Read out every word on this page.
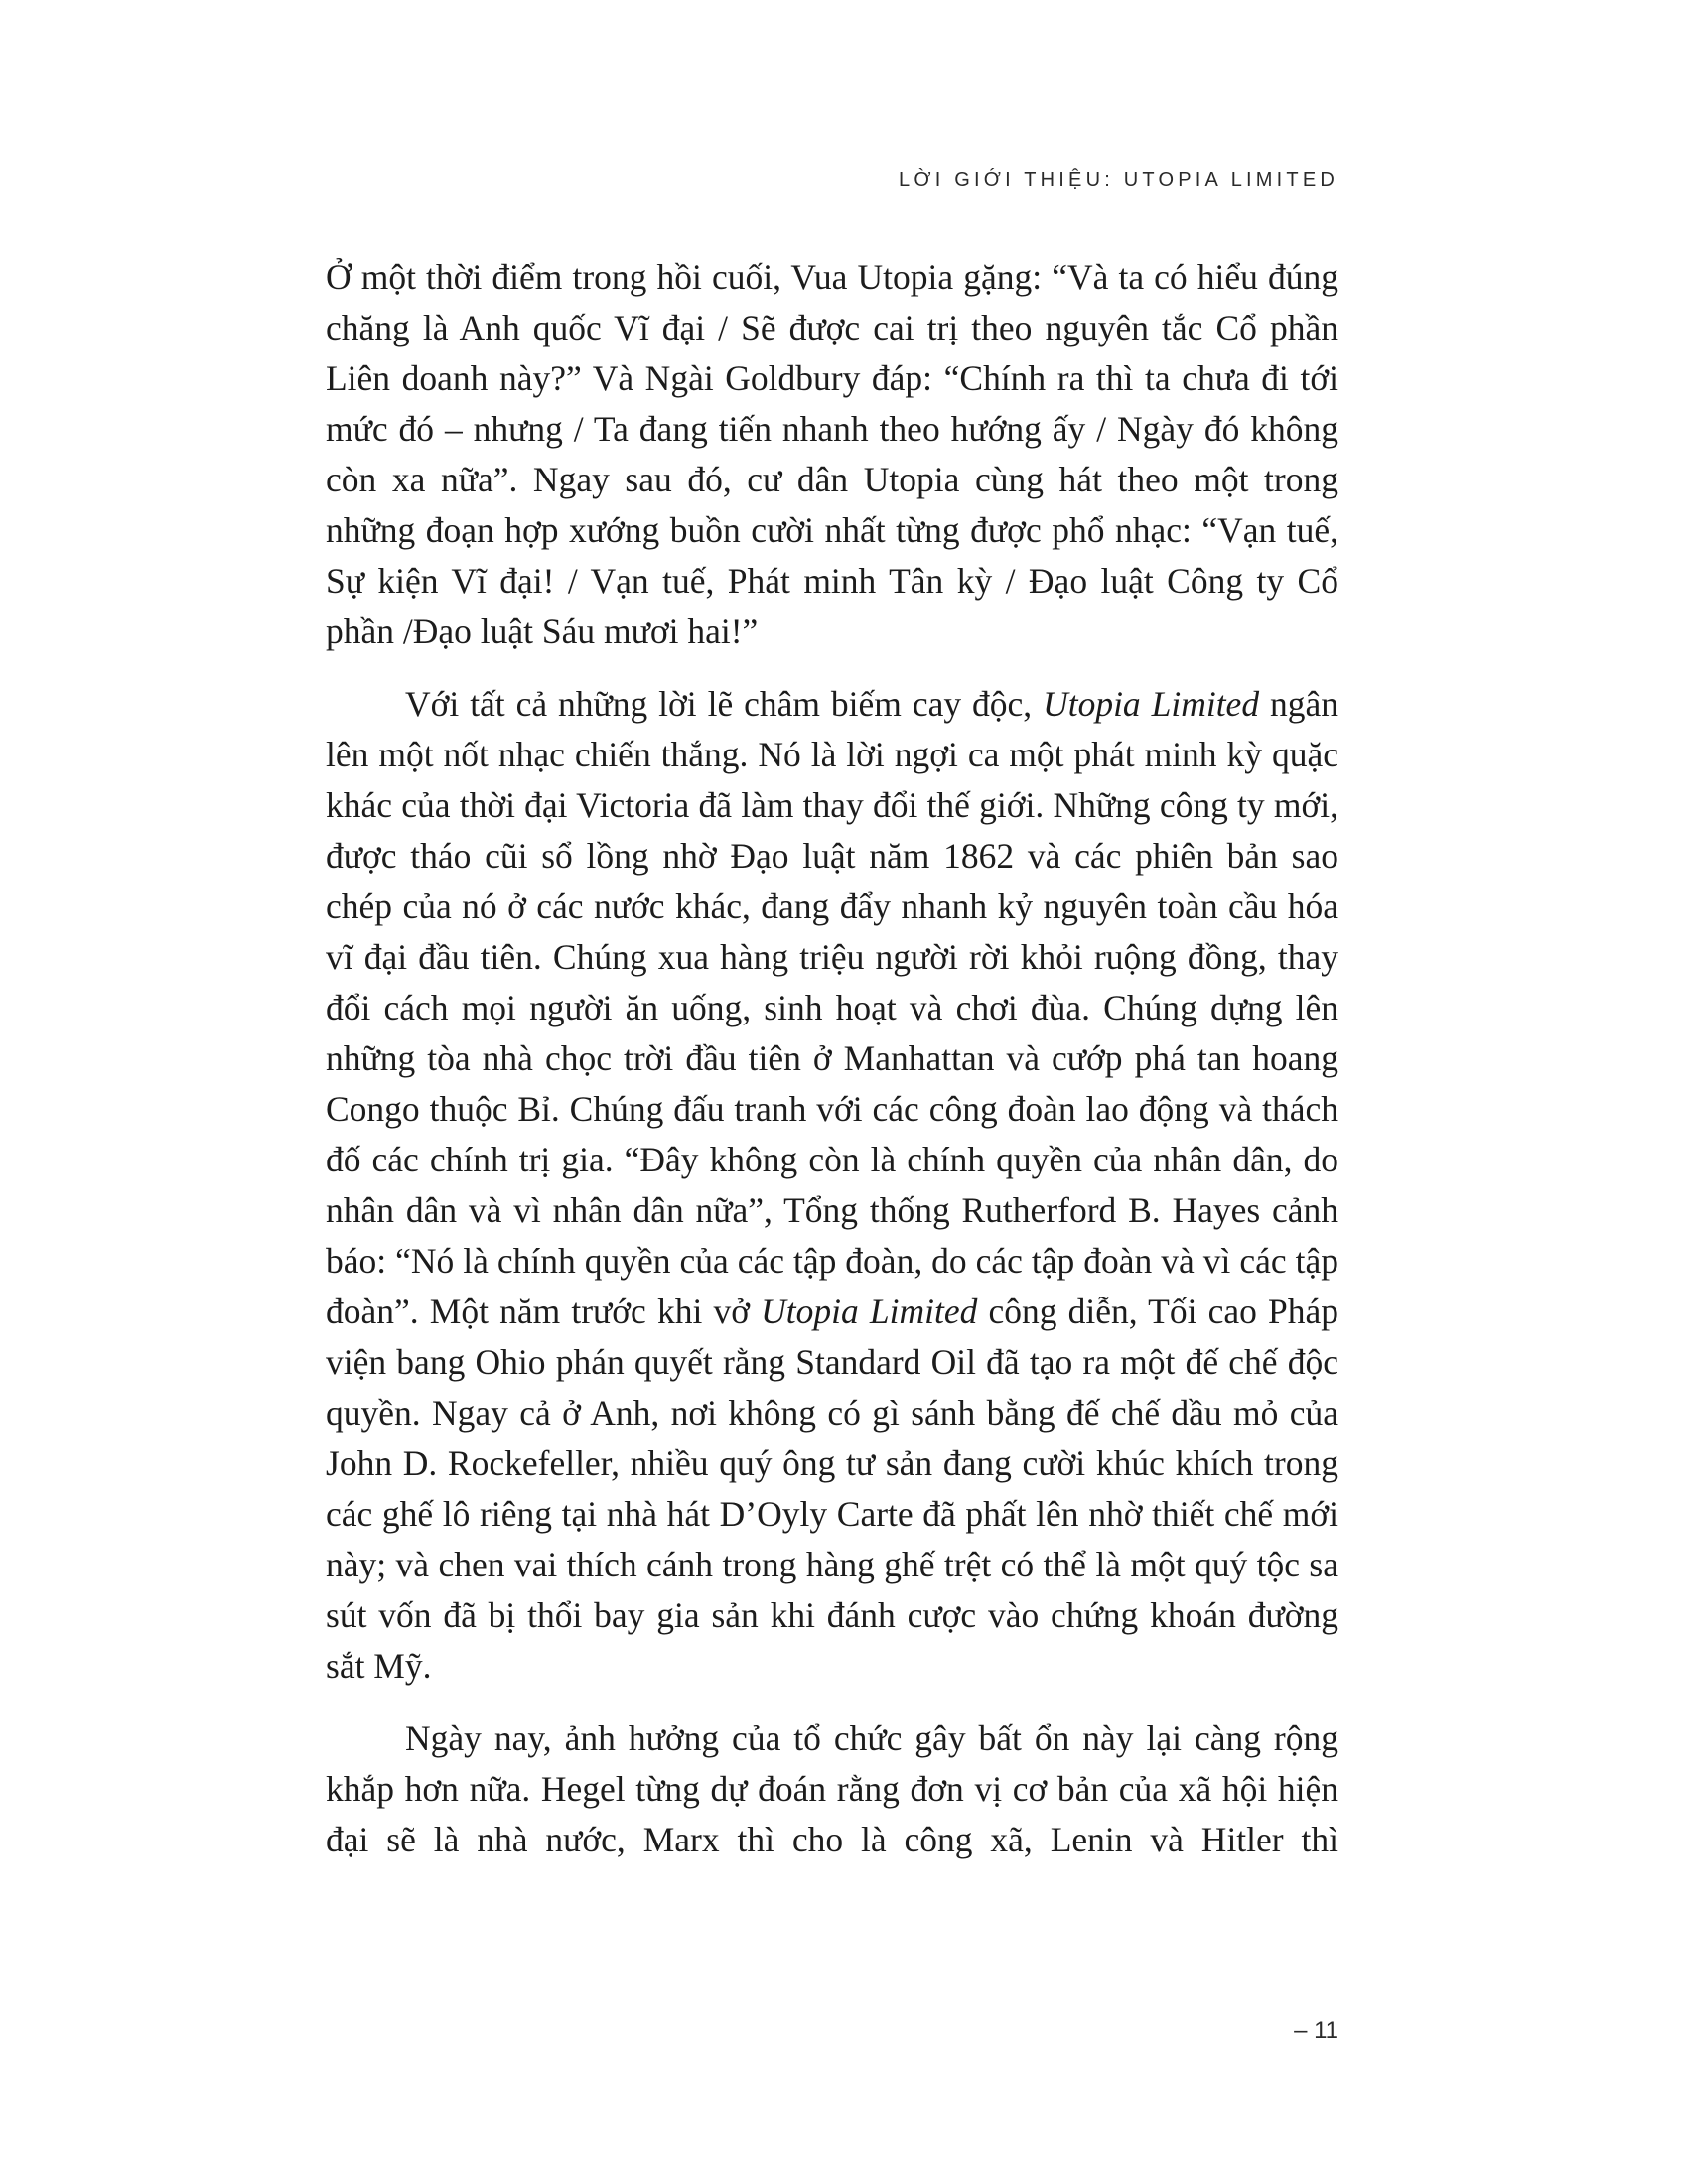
LỜI GIỚI THIỆU: UTOPIA LIMITED

Ở một thời điểm trong hồi cuối, Vua Utopia gặng: “Và ta có hiểu đúng chăng là Anh quốc Vĩ đại / Sẽ được cai trị theo nguyên tắc Cổ phần Liên doanh này?” Và Ngài Goldbury đáp: “Chính ra thì ta chưa đi tới mức đó – nhưng / Ta đang tiến nhanh theo hướng ấy / Ngày đó không còn xa nữa”. Ngay sau đó, cư dân Utopia cùng hát theo một trong những đoạn hợp xướng buồn cười nhất từng được phổ nhạc: “Vạn tuế, Sự kiện Vĩ đại! / Vạn tuế, Phát minh Tân kỳ / Đạo luật Công ty Cổ phần /Đạo luật Sáu mươi hai!”

Với tất cả những lời lẽ châm biếm cay độc, Utopia Limited ngân lên một nốt nhạc chiến thắng. Nó là lời ngợi ca một phát minh kỳ quặc khác của thời đại Victoria đã làm thay đổi thế giới. Những công ty mới, được tháo cũi sổ lồng nhờ Đạo luật năm 1862 và các phiên bản sao chép của nó ở các nước khác, đang đẩy nhanh kỷ nguyên toàn cầu hóa vĩ đại đầu tiên. Chúng xua hàng triệu người rời khỏi ruộng đồng, thay đổi cách mọi người ăn uống, sinh hoạt và chơi đùa. Chúng dựng lên những tòa nhà chọc trời đầu tiên ở Manhattan và cướp phá tan hoang Congo thuộc Bỉ. Chúng đấu tranh với các công đoàn lao động và thách đố các chính trị gia. “Đây không còn là chính quyền của nhân dân, do nhân dân và vì nhân dân nữa”, Tổng thống Rutherford B. Hayes cảnh báo: “Nó là chính quyền của các tập đoàn, do các tập đoàn và vì các tập đoàn”. Một năm trước khi vở Utopia Limited công diễn, Tối cao Pháp viện bang Ohio phán quyết rằng Standard Oil đã tạo ra một đế chế độc quyền. Ngay cả ở Anh, nơi không có gì sánh bằng đế chế dầu mỏ của John D. Rockefeller, nhiều quý ông tư sản đang cười khúc khích trong các ghế lô riêng tại nhà hát D’Oyly Carte đã phất lên nhờ thiết chế mới này; và chen vai thích cánh trong hàng ghế trệt có thể là một quý tộc sa sút vốn đã bị thổi bay gia sản khi đánh cược vào chứng khoán đường sắt Mỹ.

Ngày nay, ảnh hưởng của tổ chức gây bất ổn này lại càng rộng khắp hơn nữa. Hegel từng dự đoán rằng đơn vị cơ bản của xã hội hiện đại sẽ là nhà nước, Marx thì cho là công xã, Lenin và Hitler thì

– 11
